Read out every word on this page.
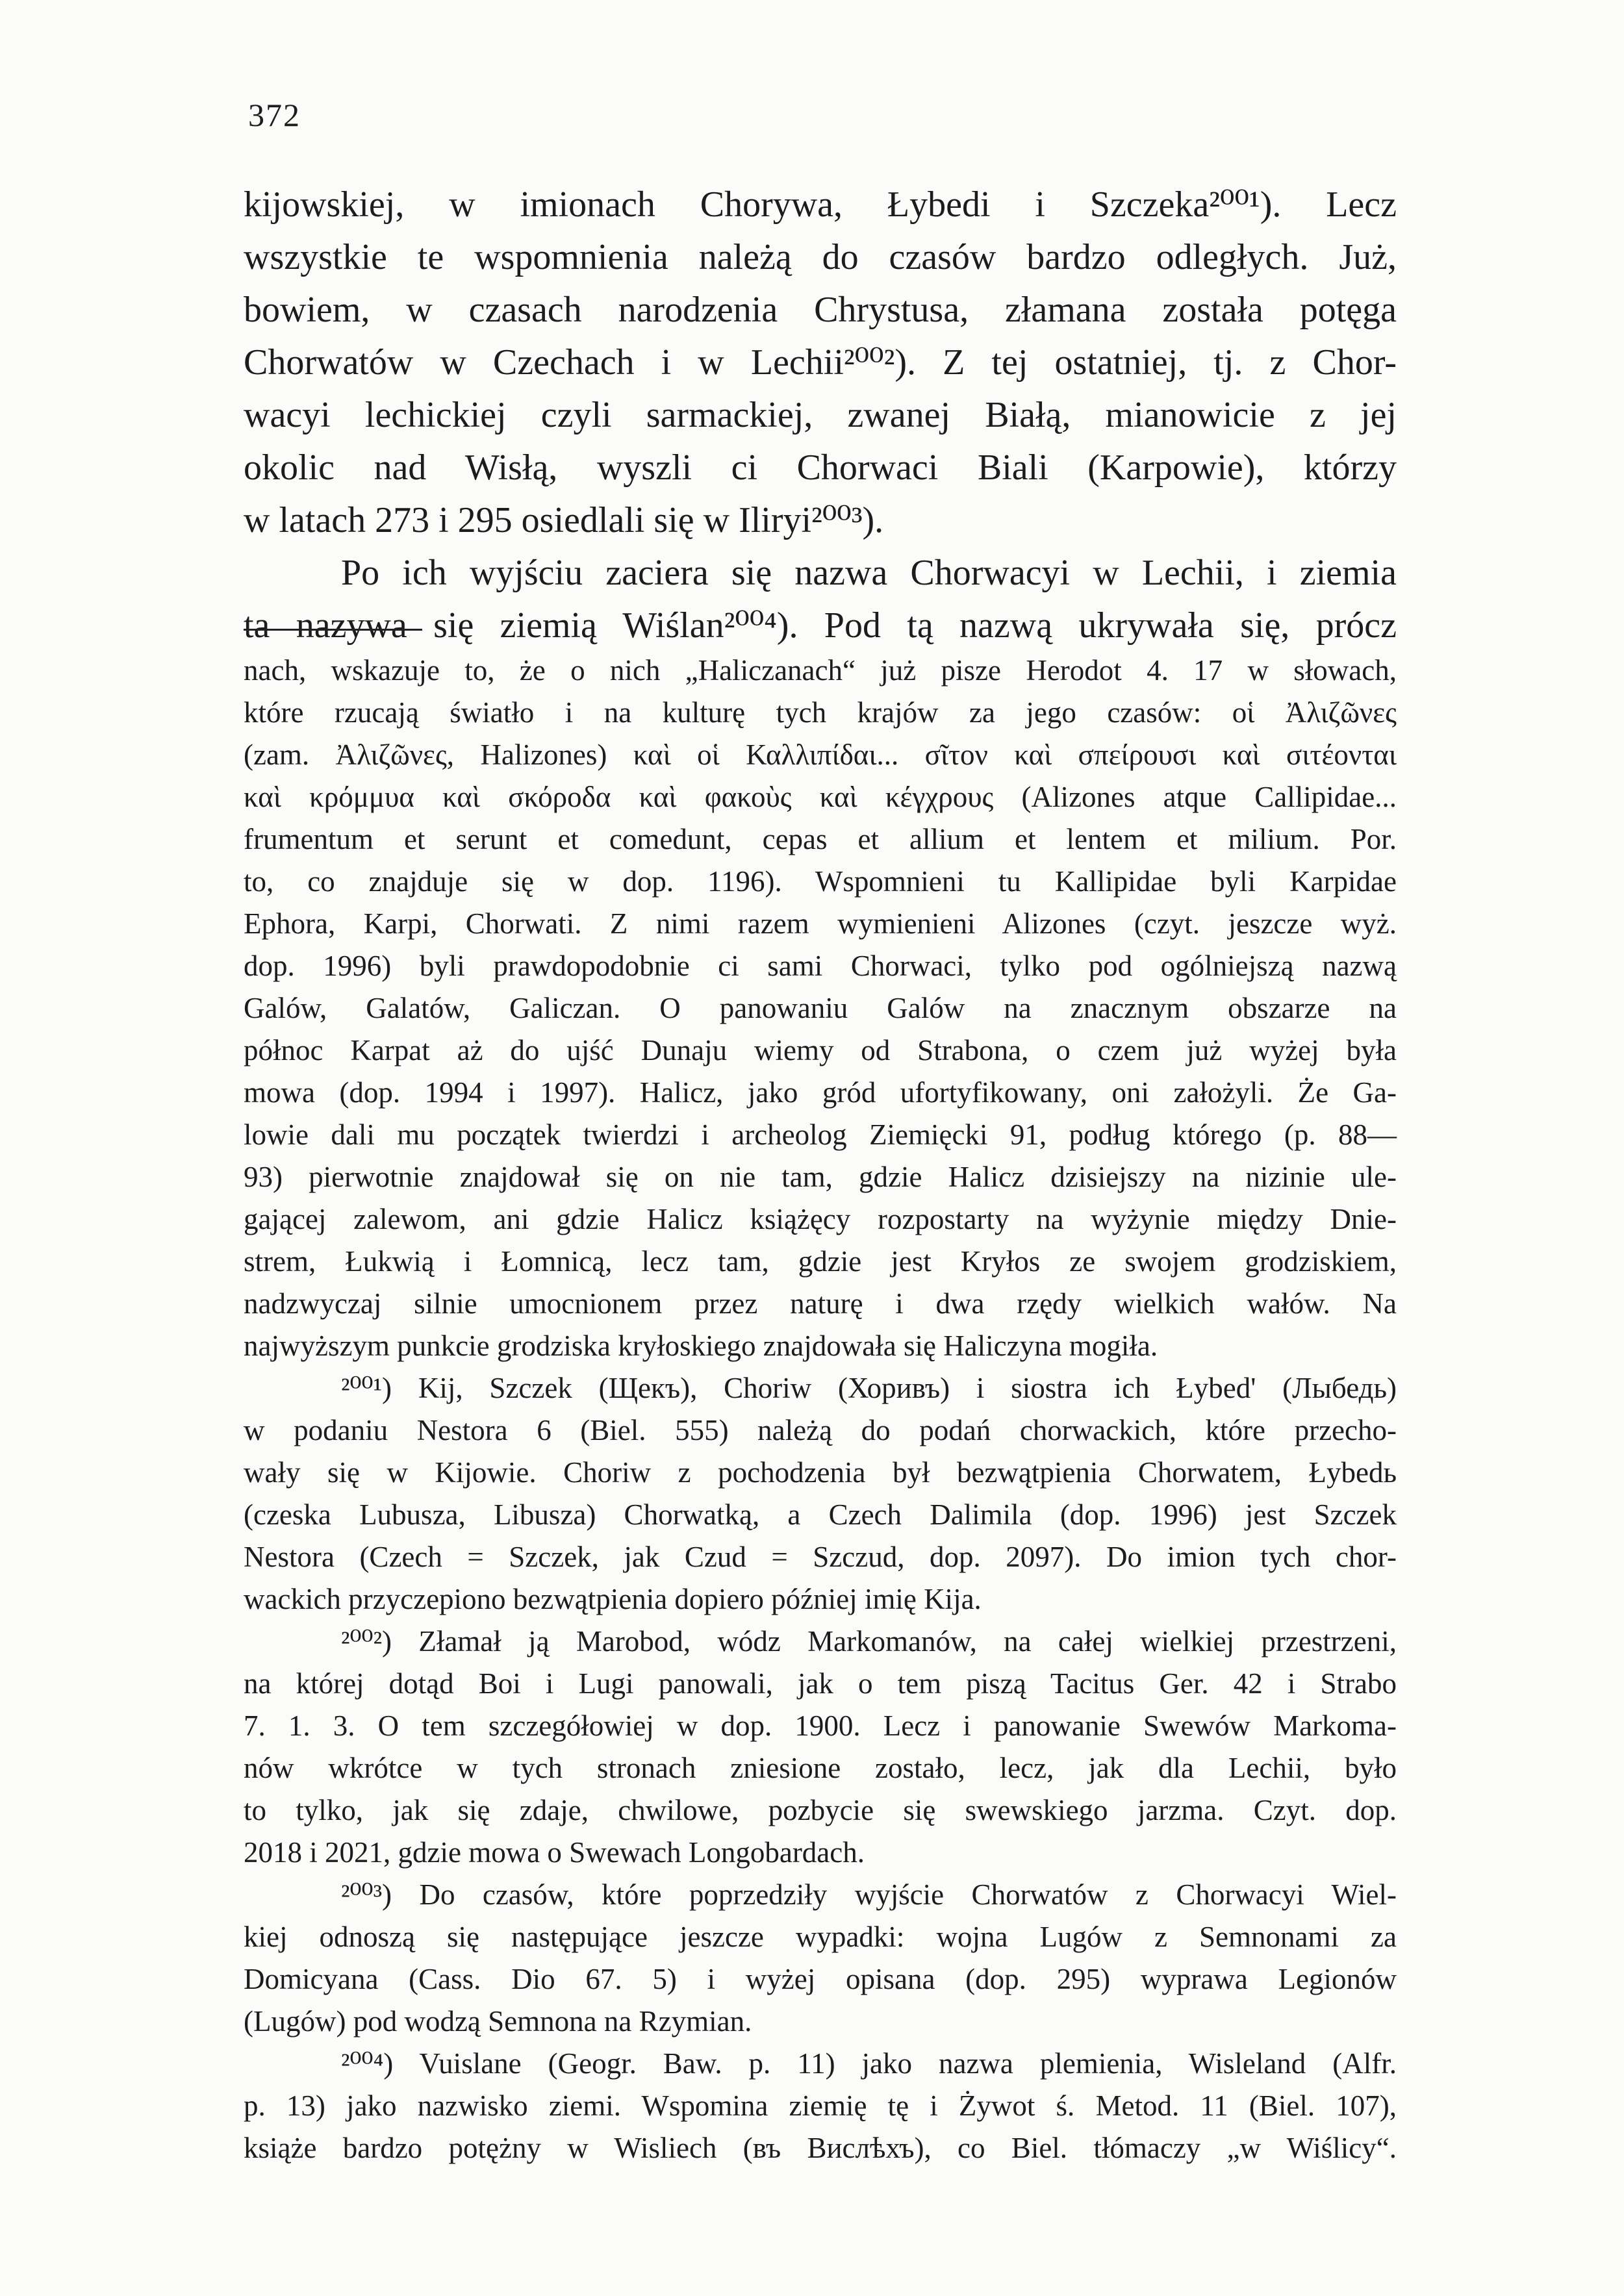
372
kijowskiej, w imionach Chorywa, Łybedi i Szczeka²⁰⁰¹). Lecz
wszystkie te wspomnienia należą do czasów bardzo odległych. Już,
bowiem, w czasach narodzenia Chrystusa, złamana została potęga
Chorwatów w Czechach i w Lechii²⁰⁰²). Z tej ostatniej, tj. z Chor-
wacyi lechickiej czyli sarmackiej, zwanej Białą, mianowicie z jej
okolic nad Wisłą, wyszli ci Chorwaci Biali (Karpowie), którzy
w latach 273 i 295 osiedlali się w Iliryi²⁰⁰³).
Po ich wyjściu zaciera się nazwa Chorwacyi w Lechii, i ziemia
ta nazywa się ziemią Wiślan²⁰⁰⁴). Pod tą nazwą ukrywała się, prócz
nach, wskazuje to, że o nich „Haliczanach“ już pisze Herodot 4. 17 w słowach,
które rzucają światło i na kulturę tych krajów za jego czasów: οἱ Ἀλιζῶνες
(zam. Ἀλιζῶνες, Halizones) καὶ οἱ Καλλιπίδαι... σῖτον καὶ σπείρουσι καὶ σιτέονται
καὶ κρόμμυα καὶ σκόροδα καὶ φακοὺς καὶ κέγχρους (Alizones atque Callipidae...
frumentum et serunt et comedunt, cepas et allium et lentem et milium. Por.
to, co znajduje się w dop. 1196). Wspomnieni tu Kallipidae byli Karpidae
Ephora, Karpi, Chorwati. Z nimi razem wymienieni Alizones (czyt. jeszcze wyż.
dop. 1996) byli prawdopodobnie ci sami Chorwaci, tylko pod ogólniejszą nazwą
Galów, Galatów, Galiczan. O panowaniu Galów na znacznym obszarze na
północ Karpat aż do ujść Dunaju wiemy od Strabona, o czem już wyżej była
mowa (dop. 1994 i 1997). Halicz, jako gród ufortyfikowany, oni założyli. Że Ga-
lowie dali mu początek twierdzi i archeolog Ziemięcki 91, podług którego (p. 88—
93) pierwotnie znajdował się on nie tam, gdzie Halicz dzisiejszy na nizinie ule-
gającej zalewom, ani gdzie Halicz książęcy rozpostarty na wyżynie między Dnie-
strem, Łukwią i Łomnicą, lecz tam, gdzie jest Kryłos ze swojem grodziskiem,
nadzwyczaj silnie umocnionem przez naturę i dwa rzędy wielkich wałów. Na
najwyższym punkcie grodziska kryłoskiego znajdowała się Haliczyna mogiła.
²⁰⁰¹) Kij, Szczek (Щекъ), Choriw (Хоривъ) i siostra ich Łybed' (Лыбедь)
w podaniu Nestora 6 (Biel. 555) należą do podań chorwackich, które przecho-
wały się w Kijowie. Choriw z pochodzenia był bezwątpienia Chorwatem, Łybedь
(czeska Lubusza, Libusza) Chorwatką, a Czech Dalimila (dop. 1996) jest Szczek
Nestora (Czech = Szczek, jak Czud = Szczud, dop. 2097). Do imion tych chor-
wackich przyczepiono bezwątpienia dopiero później imię Kija.
²⁰⁰²) Złamał ją Marobod, wódz Markomanów, na całej wielkiej przestrzeni,
na której dotąd Boi i Lugi panowali, jak o tem piszą Tacitus Ger. 42 i Strabo
7. 1. 3. O tem szczegółowiej w dop. 1900. Lecz i panowanie Swewów Markoma-
nów wkrótce w tych stronach zniesione zostało, lecz, jak dla Lechii, było
to tylko, jak się zdaje, chwilowe, pozbycie się swewskiego jarzma. Czyt. dop.
2018 i 2021, gdzie mowa o Swewach Longobardach.
²⁰⁰³) Do czasów, które poprzedziły wyjście Chorwatów z Chorwacyi Wiel-
kiej odnoszą się następujące jeszcze wypadki: wojna Lugów z Semnonami za
Domicyana (Cass. Dio 67. 5) i wyżej opisana (dop. 295) wyprawa Legionów
(Lugów) pod wodzą Semnona na Rzymian.
²⁰⁰⁴) Vuislane (Geogr. Baw. p. 11) jako nazwa plemienia, Wisleland (Alfr.
p. 13) jako nazwisko ziemi. Wspomina ziemię tę i Żywot ś. Metod. 11 (Biel. 107),
książe bardzo potężny w Wisliech (въ Вислѣхъ), co Biel. tłómaczy „w Wiślicy“.
